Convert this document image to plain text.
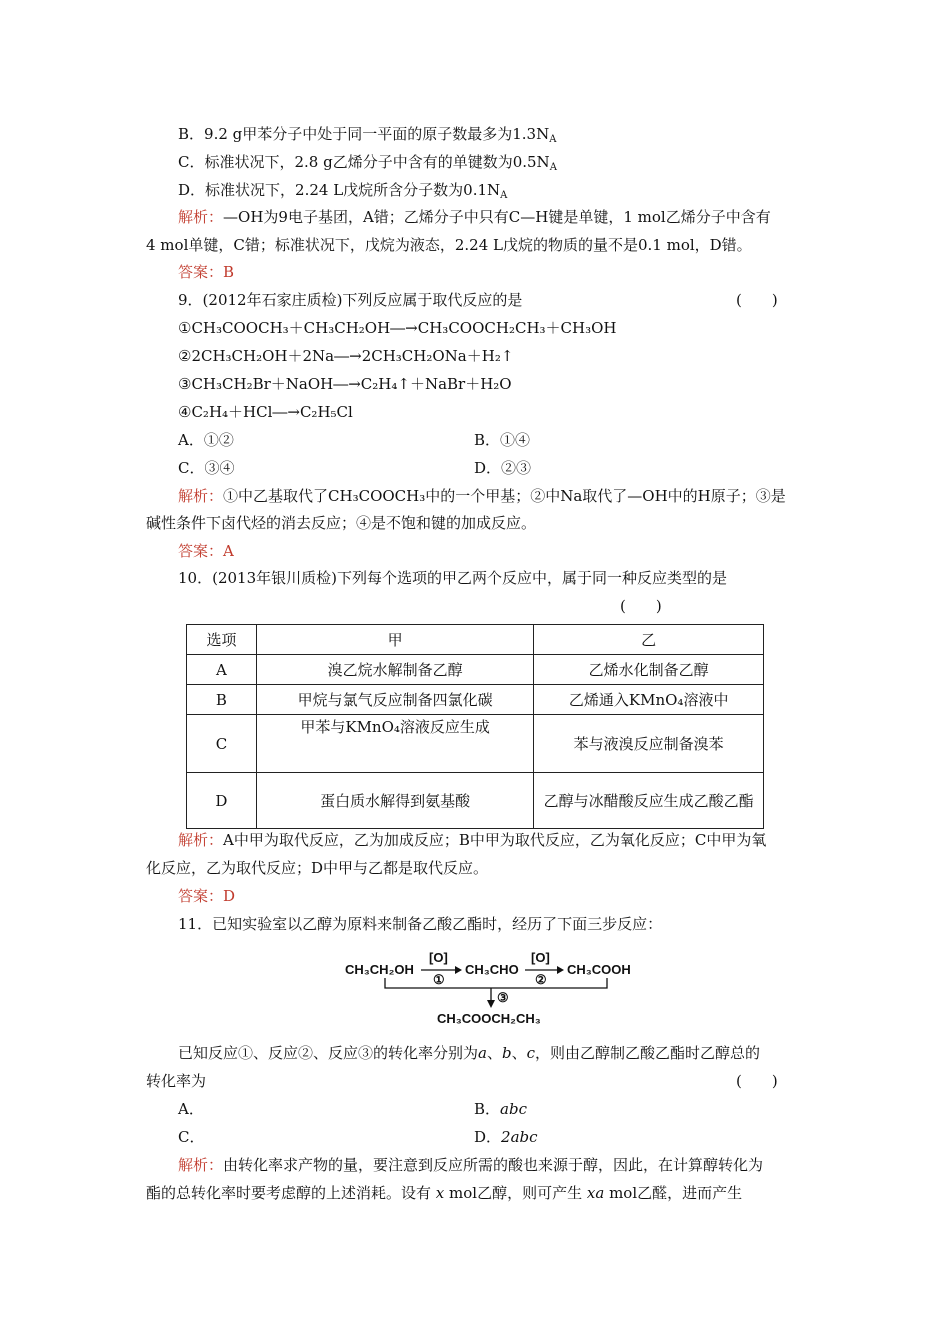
B．9.2 g甲苯分子中处于同一平面的原子数最多为$1.3N_A$
C．标准状况下，2.8 g乙烯分子中含有的单键数为$0.5N_A$
D．标准状况下，2.24 L戊烷所含分子数为$0.1N_A$
解析：—OH为9电子基团，A错；乙烯分子中只有C—H键是单键，1 mol乙烯分子中含有
4 mol单键，C错；标准状况下，戊烷为液态，2.24 L戊烷的物质的量不是0.1 mol，D错。
答案：B
9．(2012年石家庄质检)下列反应属于取代反应的是	(　　)
①CH₃COOCH₃＋CH₃CH₂OH―→CH₃COOCH₂CH₃＋CH₃OH
②2CH₃CH₂OH＋2Na―→2CH₃CH₂ONa＋H₂↑
③CH₃CH₂Br＋NaOH―→C₂H₄↑＋NaBr＋H₂O
④C₂H₄＋HCl―→C₂H₅Cl
A．①②	B．①④
C．③④	D．②③
解析：①中乙基取代了CH₃COOCH₃中的一个甲基；②中Na取代了—OH中的H原子；③是
碱性条件下卤代烃的消去反应；④是不饱和键的加成反应。
答案：A
10．(2013年银川质检)下列每个选项的甲乙两个反应中，属于同一种反应类型的是
(　　)
选项	甲	乙
A	溴乙烷水解制备乙醇	乙烯水化制备乙醇
B	甲烷与氯气反应制备四氯化碳	乙烯通入KMnO₄溶液中
C	甲苯与KMnO₄溶液反应生成	苯与液溴反应制备溴苯
D	蛋白质水解得到氨基酸	乙醇与冰醋酸反应生成乙酸乙酯
解析：A中甲为取代反应，乙为加成反应；B中甲为取代反应，乙为氧化反应；C中甲为氧
化反应，乙为取代反应；D中甲与乙都是取代反应。
答案：D
11．已知实验室以乙醇为原料来制备乙酸乙酯时，经历了下面三步反应：
CH₃CH₂OH
[O]
①
CH₃CHO
[O]
②
CH₃COOH
③
CH₃COOCH₂CH₃
已知反应①、反应②、反应③的转化率分别为a、b、c，则由乙醇制乙酸乙酯时乙醇总的
转化率为	(　　)
A．	B．abc
C．	D．2abc
解析：由转化率求产物的量，要注意到反应所需的酸也来源于醇，因此，在计算醇转化为
酯的总转化率时要考虑醇的上述消耗。设有 x mol乙醇，则可产生 xa mol乙醛，进而产生
